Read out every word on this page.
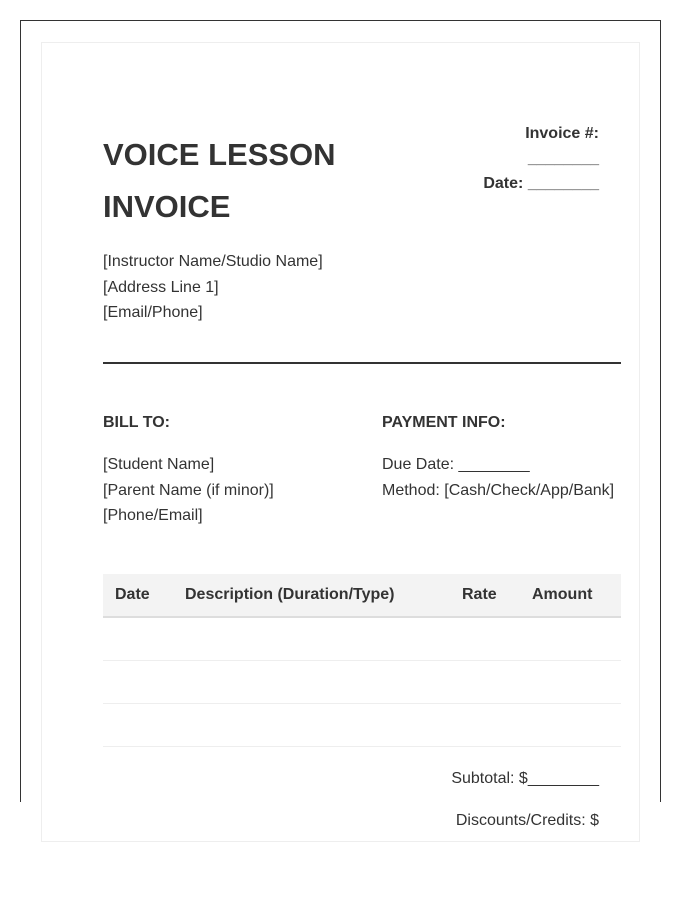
VOICE LESSON
INVOICE
Invoice #:
________
Date: ________
[Instructor Name/Studio Name]
[Address Line 1]
[Email/Phone]
BILL TO:	PAYMENT INFO:
[Student Name]
[Parent Name (if minor)]
[Phone/Email]
Due Date: ________
Method: [Cash/Check/App/Bank]
Date Description (Duration/Type)	Rate Amount
Subtotal: $________
Discounts/Credits: $
